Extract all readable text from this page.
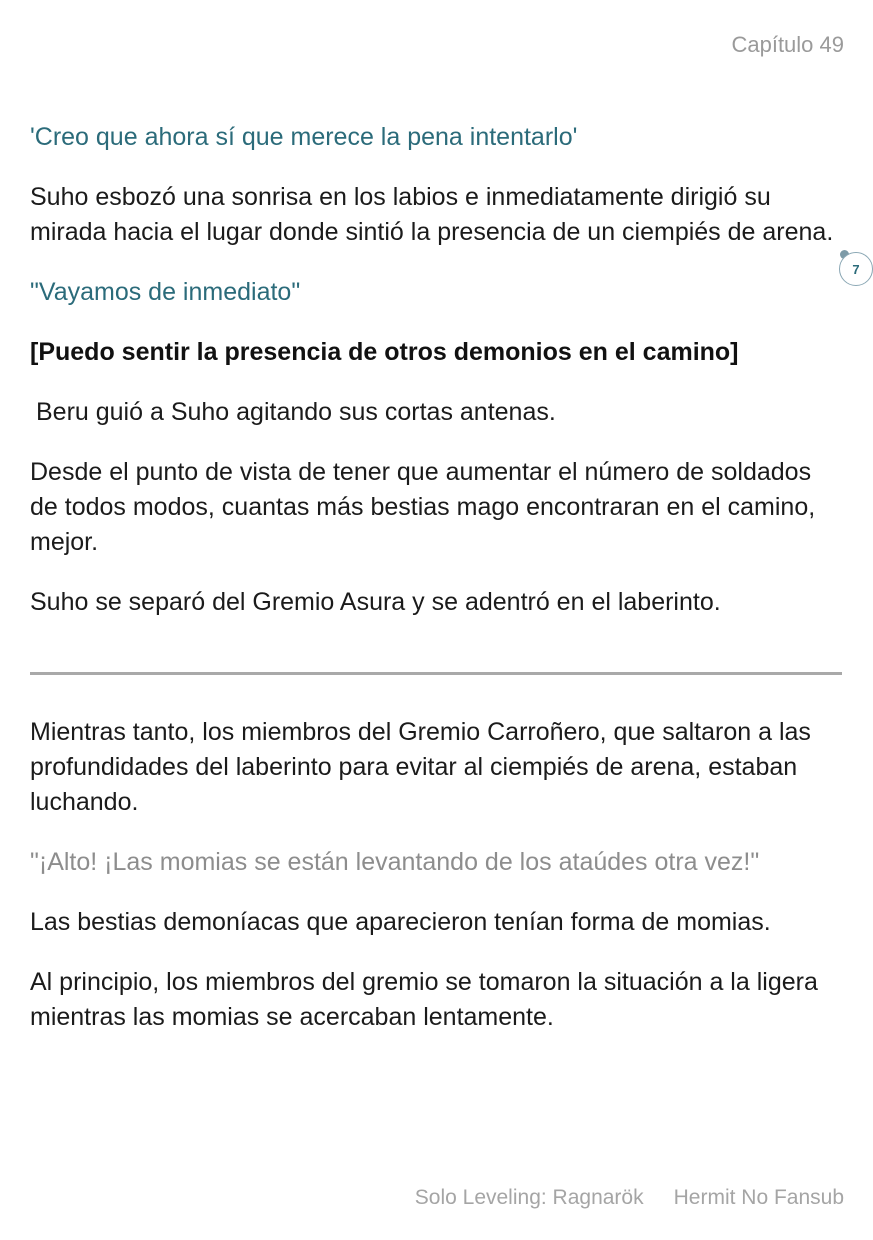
Capítulo 49
7

'Creo que ahora sí que merece la pena intentarlo'

Suho esbozó una sonrisa en los labios e inmediatamente dirigió su mirada hacia el lugar donde sintió la presencia de un ciempiés de arena.

"Vayamos de inmediato"

[Puedo sentir la presencia de otros demonios en el camino]

Beru guió a Suho agitando sus cortas antenas.

Desde el punto de vista de tener que aumentar el número de soldados de todos modos, cuantas más bestias mago encontraran en el camino, mejor.

Suho se separó del Gremio Asura y se adentró en el laberinto.

Mientras tanto, los miembros del Gremio Carroñero, que saltaron a las profundidades del laberinto para evitar al ciempiés de arena, estaban luchando.

"¡Alto! ¡Las momias se están levantando de los ataúdes otra vez!"

Las bestias demoníacas que aparecieron tenían forma de momias.

Al principio, los miembros del gremio se tomaron la situación a la ligera mientras las momias se acercaban lentamente.

Solo Leveling: Ragnarök Hermit No Fansub
